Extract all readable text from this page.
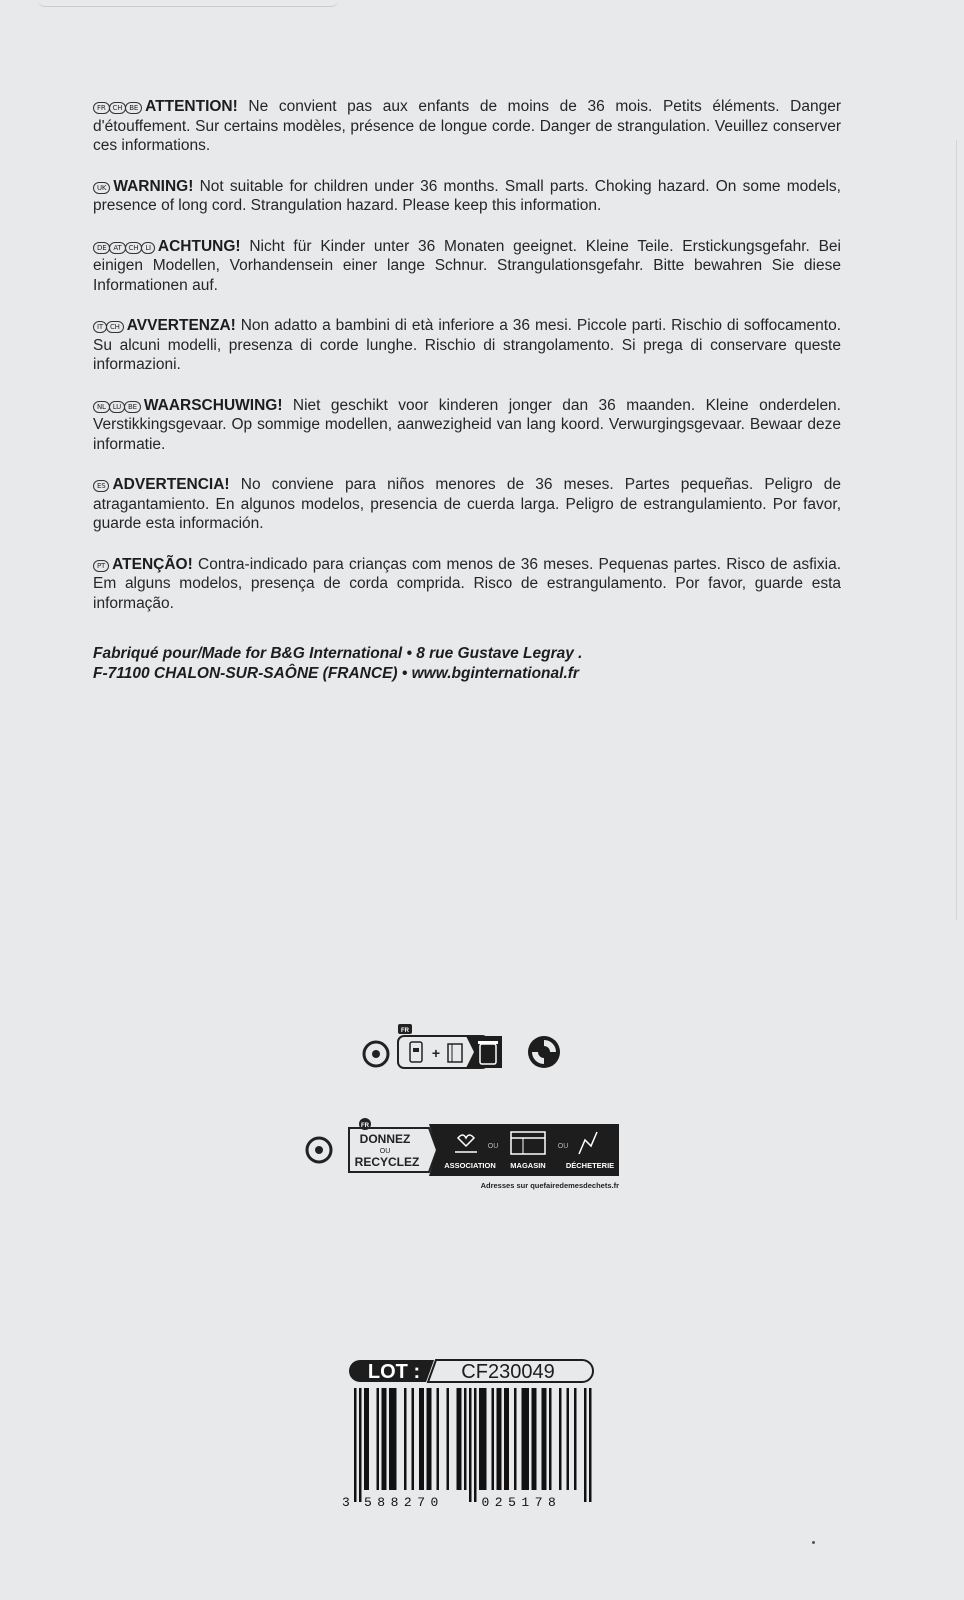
FR CH BE ATTENTION! Ne convient pas aux enfants de moins de 36 mois. Petits éléments. Danger d'étouffement. Sur certains modèles, présence de longue corde. Danger de strangulation. Veuillez conserver ces informations.

UK WARNING! Not suitable for children under 36 months. Small parts. Choking hazard. On some models, presence of long cord. Strangulation hazard. Please keep this information.

DE AT CH LI ACHTUNG! Nicht für Kinder unter 36 Monaten geeignet. Kleine Teile. Erstickungsgefahr. Bei einigen Modellen, Vorhandensein einer lange Schnur. Strangulationsgefahr. Bitte bewahren Sie diese Informationen auf.

IT CH AVVERTENZA! Non adatto a bambini di età inferiore a 36 mesi. Piccole parti. Rischio di soffocamento. Su alcuni modelli, presenza di corde lunghe. Rischio di strangolamento. Si prega di conservare queste informazioni.

NL LU BE WAARSCHUWING! Niet geschikt voor kinderen jonger dan 36 maanden. Kleine onderdelen. Verstikkingsgevaar. Op sommige modellen, aanwezigheid van lang koord. Verwurgingsgevaar. Bewaar deze informatie.

ES ADVERTENCIA! No conviene para niños menores de 36 meses. Partes pequeñas. Peligro de atragantamiento. En algunos modelos, presencia de cuerda larga. Peligro de estrangulamiento. Por favor, guarde esta información.

PT ATENÇÃO! Contra-indicado para crianças com menos de 36 meses. Pequenas partes. Risco de asfixia. Em alguns modelos, presença de corda comprida. Risco de estrangulamento. Por favor, guarde esta informação.

Fabriqué pour/Made for B&G International • 8 rue Gustave Legray .
F-71100 CHALON-SUR-SAÔNE (FRANCE) • www.bginternational.fr
FR
+
FR
DONNEZ
OU
RECYCLEZ
OU	OU
ASSOCIATION MAGASIN	DÉCHETERIE
Adresses sur quefairedemesdechets.fr
LOT : CF230049
3 588270	025178
